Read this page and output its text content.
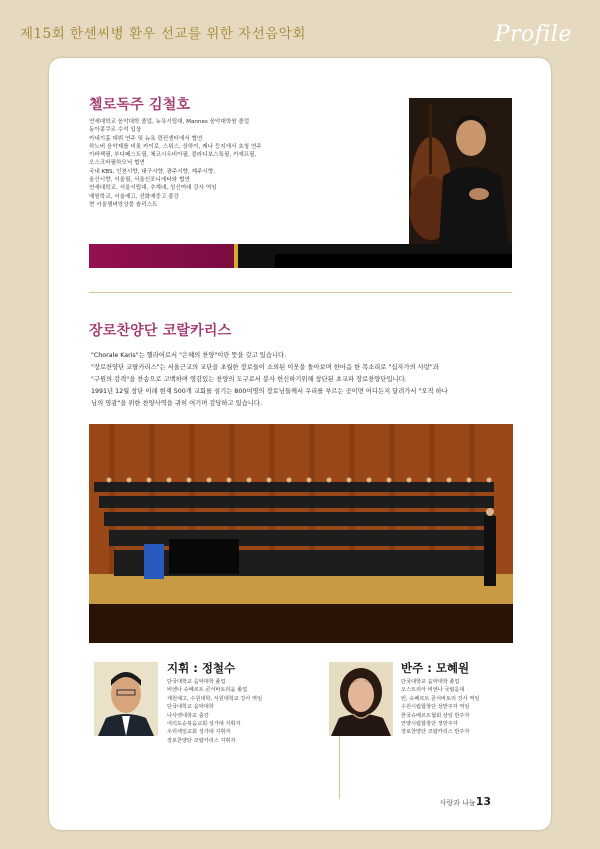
제15회 한센씨병 환우 선교를 위한 자선음악회	Profile
첼로독주 김철호
연세대학교 음악대학 졸업, 뉴욕시립대, Mannes 음악대학원 졸업
동아콩쿠르 수석 입상
카네기홀 데뷔 연주 및 뉴욕 링컨센터에서 협연
하노버 음악제를 비롯 카이로, 스위스, 상하이, 케나 등지에서 초청 연주
이바책필, 부다페스트필, 체코시우비아필, 블라디보스톡필, 키예프필,
오스크바필하모닉 협연
국내 KBS, 인천시향, 대구시향, 광주시향, 제주시향,
울산시향, 서울필, 서울신포니에타와 협연
연세대학교, 서울시립대, 추계대, 성신여대 강사 역임
예원학교, 서울예고, 선화예중고 출강
현 서울챔버앙상블 솔리스트
장로찬양단 코랄카리스
"Chorale Karis"는 헬라어로서 "은혜의 찬양"이란 뜻을 갖고 있습니다.
"장로찬양단 코랄카리스"는 서울근교의 교단을 초월한 장로들이 소외된 이웃을 돌아보며 한마음 한 목소리로 "십자가의 사랑"과
"구원의 감격"을 찬송으로 고백하며 영감있는 찬양의 도구로서 봉사 헌신하기위해 창단된 초교파 장로찬양단입니다.
1991년 12월 창단 이래 현재 500개 교회를 섬기는 800여명의 장로님들께서 우리를 부르는 곳이면 어디든지 달려가서 "오직 하나
님의 영광"을 위한 찬양사역을 귀히 여기며 감당하고 있습니다.
지휘 : 정철수
단국대학교 음악대학 졸업
비엔나 슈베르트 콘서바토리움 졸업
계원예고, 수원대학, 서원대학교 강사 역임
단국대학교 음악대학
나사렛대학교 출강
여의도순복음교회 성가대 지휘자
우리세일교회 성가대 지휘자
장로찬양단 코랄카리스 지휘자
반주 : 모혜원
단국대학교 음악대학 졸업
오스트리아 비엔나 국립음대
빈, 슈베르트 콘서바토리 강사 역임
수원시립합창단 상반주자 역임
한국슈베르트협회 상임 반주자
안양시립합창단 정반주자
장로찬양단 코랄카리스 반주자
사랑과 나눔13
